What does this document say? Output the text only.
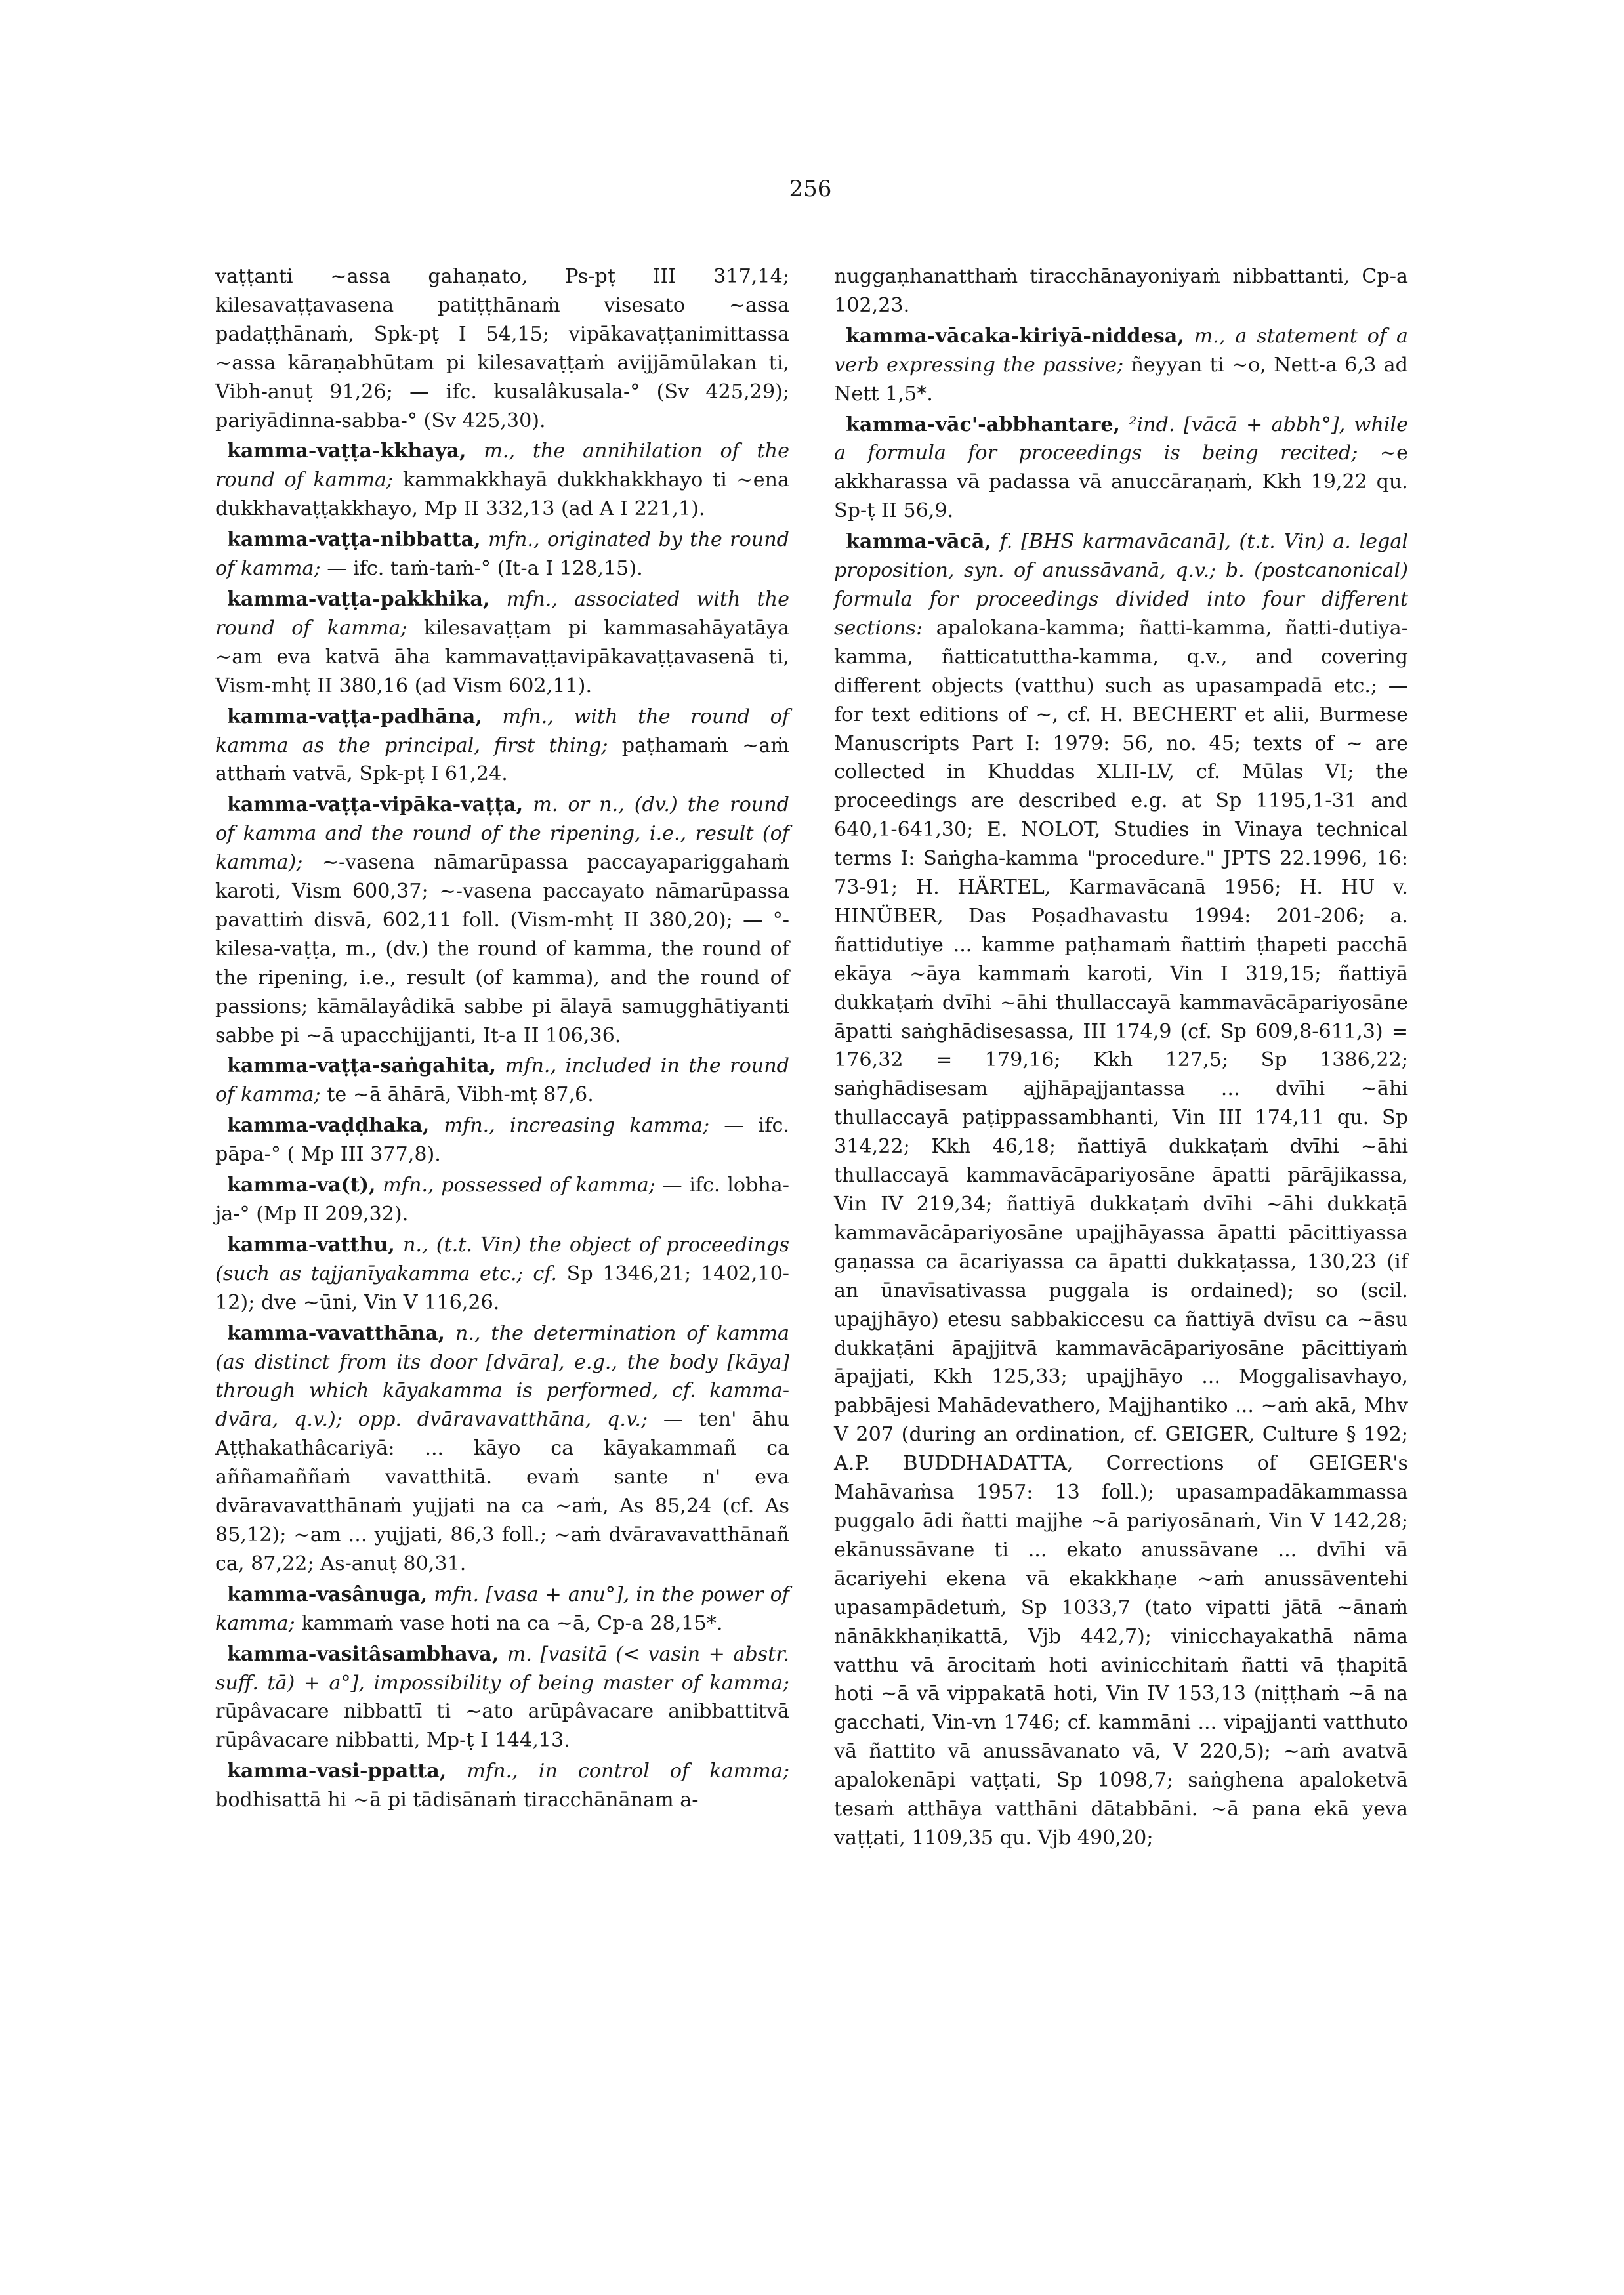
256

vaṭṭanti ~assa gahaṇato, Ps-pṭ III 317,14; kilesavaṭṭavasena patiṭṭhānaṁ visesato ~assa padaṭṭhānaṁ, Spk-pṭ I 54,15; vipākavaṭṭanimittassa ~assa kāraṇabhūtam pi kilesavaṭṭaṁ avijjāmūlakan ti, Vibh-anuṭ 91,26; — ifc. kusalâkusala-° (Sv 425,29); pariyādinna-sabba-° (Sv 425,30).

kamma-vaṭṭa-kkhaya, m., the annihilation of the round of kamma; kammakkhayā dukkhakkhayo ti ~ena dukkhavaṭṭakkhayo, Mp II 332,13 (ad A I 221,1).

kamma-vaṭṭa-nibbatta, mfn., originated by the round of kamma; — ifc. taṁ-taṁ-° (It-a I 128,15).

kamma-vaṭṭa-pakkhika, mfn., associated with the round of kamma; kilesavaṭṭam pi kammasahāyatāya ~am eva katvā āha kammavaṭṭavipākavaṭṭavasenā ti, Vism-mhṭ II 380,16 (ad Vism 602,11).

kamma-vaṭṭa-padhāna, mfn., with the round of kamma as the principal, first thing; paṭhamaṁ ~aṁ atthaṁ vatvā, Spk-pṭ I 61,24.

kamma-vaṭṭa-vipāka-vaṭṭa, m. or n., (dv.) the round of kamma and the round of the ripening, i.e., result (of kamma); ~-vasena nāmarūpassa paccayapariggahaṁ karoti, Vism 600,37; ~-vasena paccayato nāmarūpassa pavattiṁ disvā, 602,11 foll. (Vism-mhṭ II 380,20); — °-kilesa-vaṭṭa, m., (dv.) the round of kamma, the round of the ripening, i.e., result (of kamma), and the round of passions; kāmālayâdikā sabbe pi ālayā samugghātiyanti sabbe pi ~ā upacchijjanti, It-a II 106,36.

kamma-vaṭṭa-saṅgahita, mfn., included in the round of kamma; te ~ā āhārā, Vibh-mṭ 87,6.

kamma-vaḍḍhaka, mfn., increasing kamma; — ifc. pāpa-° ( Mp III 377,8).

kamma-va(t), mfn., possessed of kamma; — ifc. lobha-ja-° (Mp II 209,32).

kamma-vatthu, n., (t.t. Vin) the object of proceedings (such as tajjanīyakamma etc.; cf. Sp 1346,21; 1402,10-12); dve ~ūni, Vin V 116,26.

kamma-vavatthāna, n., the determination of kamma (as distinct from its door [dvāra], e.g., the body [kāya] through which kāyakamma is performed, cf. kamma-dvāra, q.v.); opp. dvāravavatthāna, q.v.; — ten' āhu Aṭṭhakathâcariyā: ... kāyo ca kāyakammañ ca aññamaññaṁ vavatthitā. evaṁ sante n' eva dvāravavatthānaṁ yujjati na ca ~aṁ, As 85,24 (cf. As 85,12); ~am ... yujjati, 86,3 foll.; ~aṁ dvāravavatthānañ ca, 87,22; As-anuṭ 80,31.

kamma-vasânuga, mfn. [vasa + anu°], in the power of kamma; kammaṁ vase hoti na ca ~ā, Cp-a 28,15*.

kamma-vasitâsambhava, m. [vasitā (< vasin + abstr. suff. tā) + a°], impossibility of being master of kamma; rūpâvacare nibbattī ti ~ato arūpâvacare anibbattitvā rūpâvacare nibbatti, Mp-ṭ I 144,13.

kamma-vasi-ppatta, mfn., in control of kamma; bodhisattā hi ~ā pi tādisānaṁ tiracchānānam a-

nuggaṇhanatthaṁ tiracchānayoniyaṁ nibbattanti, Cp-a 102,23.

kamma-vācaka-kiriyā-niddesa, m., a statement of a verb expressing the passive; ñeyyan ti ~o, Nett-a 6,3 ad Nett 1,5*.

kamma-vāc'-abbhantare, ²ind. [vācā + abbh°], while a formula for proceedings is being recited; ~e akkharassa vā padassa vā anuccāraṇaṁ, Kkh 19,22 qu. Sp-ṭ II 56,9.

kamma-vācā, f. [BHS karmavācanā], (t.t. Vin) a. legal proposition, syn. of anussāvanā, q.v.; b. (postcanonical) formula for proceedings divided into four different sections: apalokana-kamma; ñatti-kamma, ñatti-dutiya-kamma, ñatticatuttha-kamma, q.v., and covering different objects (vatthu) such as upasampadā etc.; — for text editions of ~, cf. H. BECHERT et alii, Burmese Manuscripts Part I: 1979: 56, no. 45; texts of ~ are collected in Khuddas XLII-LV, cf. Mūlas VI; the proceedings are described e.g. at Sp 1195,1-31 and 640,1-641,30; E. NOLOT, Studies in Vinaya technical terms I: Saṅgha-kamma "procedure." JPTS 22.1996, 16: 73-91; H. HÄRTEL, Karmavācanā 1956; H. HU v. HINÜBER, Das Poṣadhavastu 1994: 201-206; a. ñattidutiye ... kamme paṭhamaṁ ñattiṁ ṭhapeti pacchā ekāya ~āya kammaṁ karoti, Vin I 319,15; ñattiyā dukkaṭaṁ dvīhi ~āhi thullaccayā kammavācāpariyosāne āpatti saṅghādisesassa, III 174,9 (cf. Sp 609,8-611,3) = 176,32 = 179,16; Kkh 127,5; Sp 1386,22; saṅghādisesam ajjhāpajjantassa ... dvīhi ~āhi thullaccayā paṭippassambhanti, Vin III 174,11 qu. Sp 314,22; Kkh 46,18; ñattiyā dukkaṭaṁ dvīhi ~āhi thullaccayā kammavācāpariyosāne āpatti pārājikassa, Vin IV 219,34; ñattiyā dukkaṭaṁ dvīhi ~āhi dukkaṭā kammavācāpariyosāne upajjhāyassa āpatti pācittiyassa gaṇassa ca ācariyassa ca āpatti dukkaṭassa, 130,23 (if an ūnavīsativassa puggala is ordained); so (scil. upajjhāyo) etesu sabbakiccesu ca ñattiyā dvīsu ca ~āsu dukkaṭāni āpajjitvā kammavācāpariyosāne pācittiyaṁ āpajjati, Kkh 125,33; upajjhāyo ... Moggalisavhayo, pabbājesi Mahādevathero, Majjhantiko ... ~aṁ akā, Mhv V 207 (during an ordination, cf. GEIGER, Culture § 192; A.P. BUDDHADATTA, Corrections of GEIGER's Mahāvaṁsa 1957: 13 foll.); upasampadākammassa puggalo ādi ñatti majjhe ~ā pariyosānaṁ, Vin V 142,28; ekānussāvane ti ... ekato anussāvane ... dvīhi vā ācariyehi ekena vā ekakkhaṇe ~aṁ anussāventehi upasampādetuṁ, Sp 1033,7 (tato vipatti jātā ~ānaṁ nānākkhaṇikattā, Vjb 442,7); vinicchayakathā nāma vatthu vā ārocitaṁ hoti avinicchitaṁ ñatti vā ṭhapitā hoti ~ā vā vippakatā hoti, Vin IV 153,13 (niṭṭhaṁ ~ā na gacchati, Vin-vn 1746; cf. kammāni ... vipajjanti vatthuto vā ñattito vā anussāvanato vā, V 220,5); ~aṁ avatvā apalokenāpi vaṭṭati, Sp 1098,7; saṅghena apaloketvā tesaṁ atthāya vatthāni dātabbāni. ~ā pana ekā yeva vaṭṭati, 1109,35 qu. Vjb 490,20;
